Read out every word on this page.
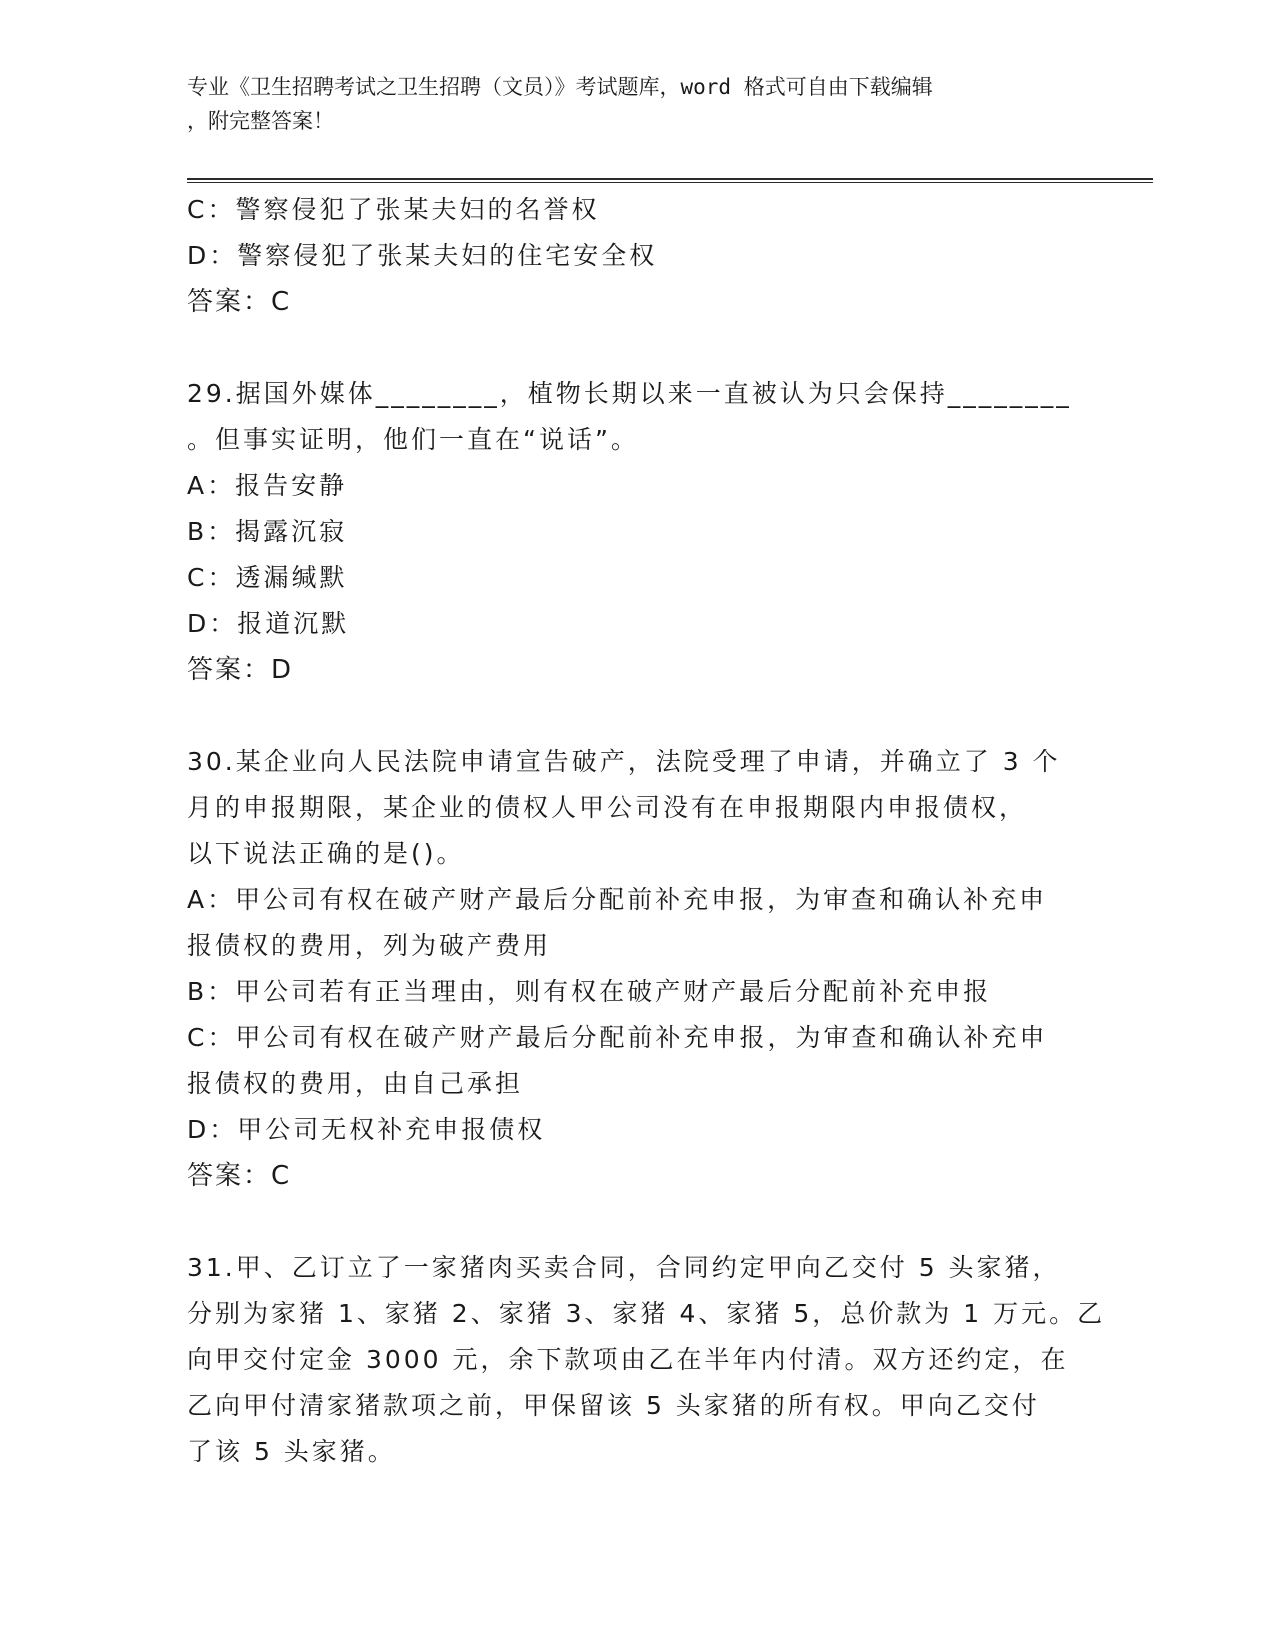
专业《卫生招聘考试之卫生招聘（文员）》考试题库，word 格式可自由下载编辑
，附完整答案！
C：警察侵犯了张某夫妇的名誉权
D：警察侵犯了张某夫妇的住宅安全权
答案：C
29.据国外媒体________，植物长期以来一直被认为只会保持________
。但事实证明，他们一直在“说话”。
A：报告安静
B：揭露沉寂
C：透漏缄默
D：报道沉默
答案：D
30.某企业向人民法院申请宣告破产，法院受理了申请，并确立了 3 个
月的申报期限，某企业的债权人甲公司没有在申报期限内申报债权，
以下说法正确的是()。
A：甲公司有权在破产财产最后分配前补充申报，为审查和确认补充申
报债权的费用，列为破产费用
B：甲公司若有正当理由，则有权在破产财产最后分配前补充申报
C：甲公司有权在破产财产最后分配前补充申报，为审查和确认补充申
报债权的费用，由自己承担
D：甲公司无权补充申报债权
答案：C
31.甲、乙订立了一家猪肉买卖合同，合同约定甲向乙交付 5 头家猪，
分别为家猪 1、家猪 2、家猪 3、家猪 4、家猪 5，总价款为 1 万元。乙
向甲交付定金 3000 元，余下款项由乙在半年内付清。双方还约定，在
乙向甲付清家猪款项之前，甲保留该 5 头家猪的所有权。甲向乙交付
了该 5 头家猪。
